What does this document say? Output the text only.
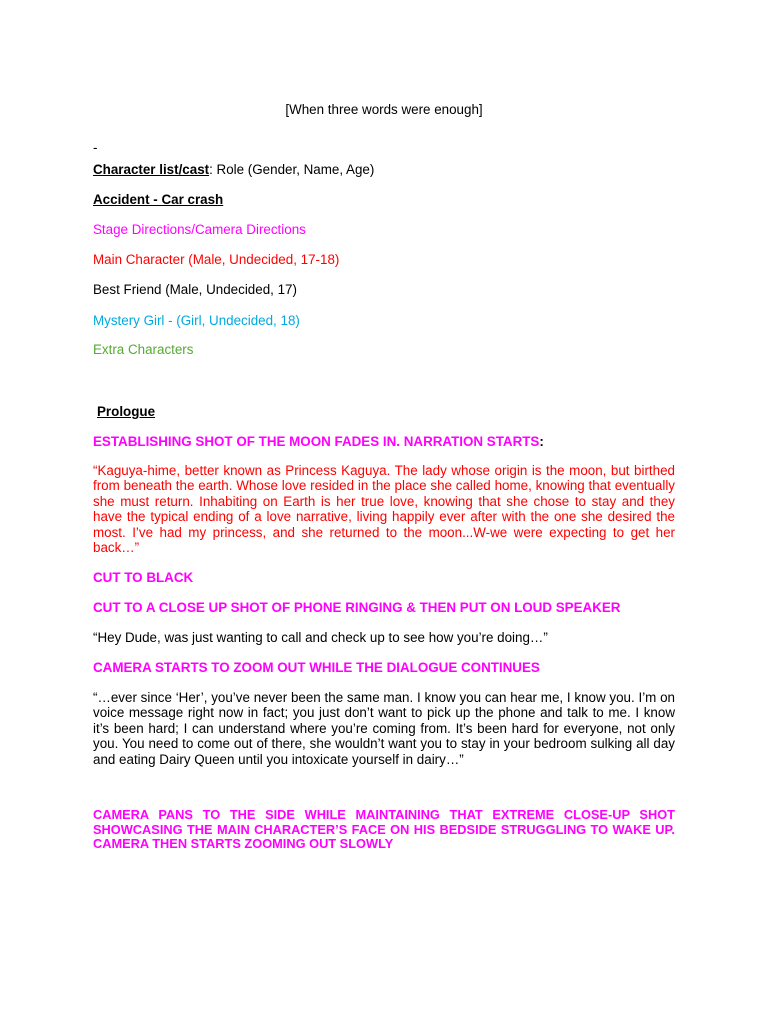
[When three words were enough]

-

Character list/cast: Role (Gender, Name, Age)

Accident - Car crash

Stage Directions/Camera Directions

Main Character (Male, Undecided, 17-18)

Best Friend (Male, Undecided, 17)

Mystery Girl - (Girl, Undecided, 18)

Extra Characters

Prologue

ESTABLISHING SHOT OF THE MOON FADES IN. NARRATION STARTS:

“Kaguya-hime, better known as Princess Kaguya. The lady whose origin is the moon, but birthed from beneath the earth. Whose love resided in the place she called home, knowing that eventually she must return. Inhabiting on Earth is her true love, knowing that she chose to stay and they have the typical ending of a love narrative, living happily ever after with the one she desired the most. I’ve had my princess, and she returned to the moon...W-we were expecting to get her back…”

CUT TO BLACK

CUT TO A CLOSE UP SHOT OF PHONE RINGING & THEN PUT ON LOUD SPEAKER

“Hey Dude, was just wanting to call and check up to see how you’re doing…”

CAMERA STARTS TO ZOOM OUT WHILE THE DIALOGUE CONTINUES

“…ever since ‘Her’, you’ve never been the same man. I know you can hear me, I know you. I’m on voice message right now in fact; you just don’t want to pick up the phone and talk to me. I know it’s been hard; I can understand where you’re coming from. It’s been hard for everyone, not only you. You need to come out of there, she wouldn’t want you to stay in your bedroom sulking all day and eating Dairy Queen until you intoxicate yourself in dairy…”

CAMERA PANS TO THE SIDE WHILE MAINTAINING THAT EXTREME CLOSE-UP SHOT SHOWCASING THE MAIN CHARACTER’S FACE ON HIS BEDSIDE STRUGGLING TO WAKE UP. CAMERA THEN STARTS ZOOMING OUT SLOWLY
